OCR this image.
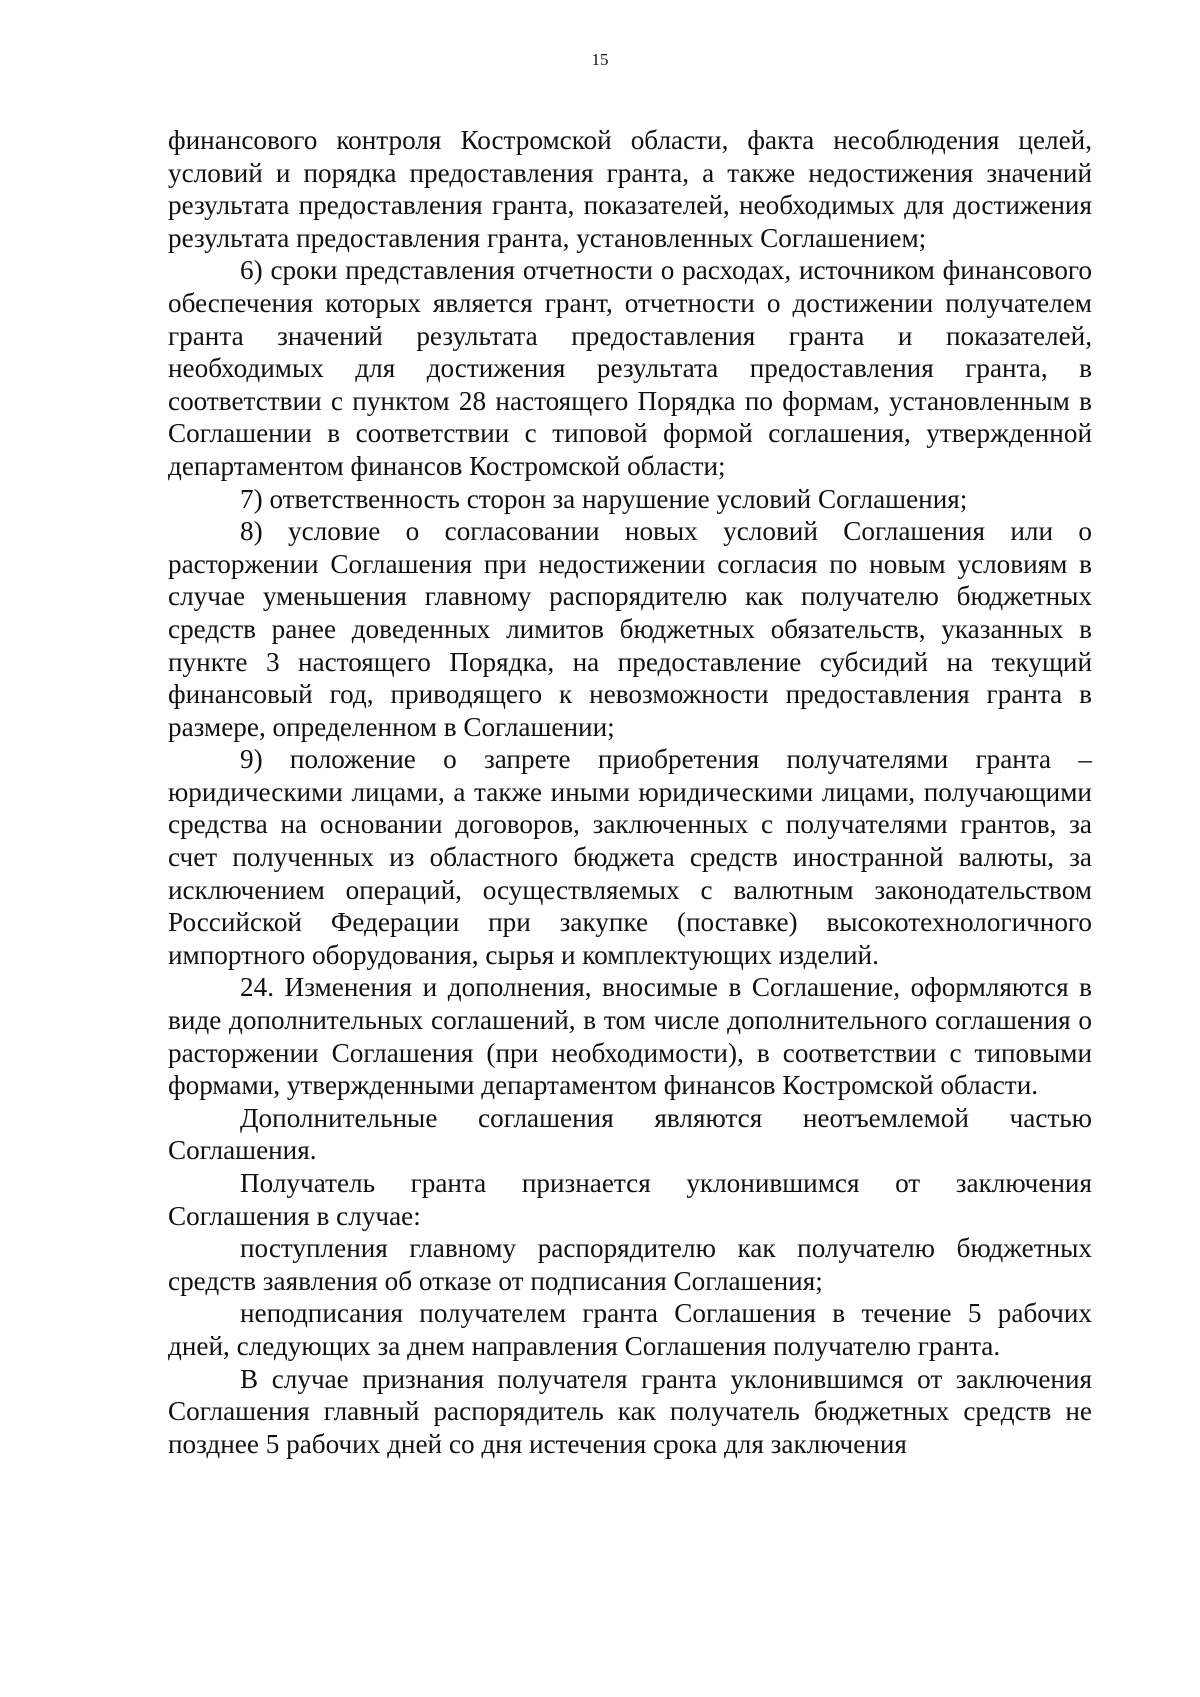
15

финансового контроля Костромской области, факта несоблюдения целей, условий и порядка предоставления гранта, а также недостижения значений результата предоставления гранта, показателей, необходимых для достижения результата предоставления гранта, установленных Соглашением;

6) сроки представления отчетности о расходах, источником финансового обеспечения которых является грант, отчетности о достижении получателем гранта значений результата предоставления гранта и показателей, необходимых для достижения результата предоставления гранта, в соответствии с пунктом 28 настоящего Порядка по формам, установленным в Соглашении в соответствии с типовой формой соглашения, утвержденной департаментом финансов Костромской области;

7) ответственность сторон за нарушение условий Соглашения;

8) условие о согласовании новых условий Соглашения или о расторжении Соглашения при недостижении согласия по новым условиям в случае уменьшения главному распорядителю как получателю бюджетных средств ранее доведенных лимитов бюджетных обязательств, указанных в пункте 3 настоящего Порядка, на предоставление субсидий на текущий финансовый год, приводящего к невозможности предоставления гранта в размере, определенном в Соглашении;

9) положение о запрете приобретения получателями гранта – юридическими лицами, а также иными юридическими лицами, получающими средства на основании договоров, заключенных с получателями грантов, за счет полученных из областного бюджета средств иностранной валюты, за исключением операций, осуществляемых с валютным законодательством Российской Федерации при закупке (поставке) высокотехнологичного импортного оборудования, сырья и комплектующих изделий.

24. Изменения и дополнения, вносимые в Соглашение, оформляются в виде дополнительных соглашений, в том числе дополнительного соглашения о расторжении Соглашения (при необходимости), в соответствии с типовыми формами, утвержденными департаментом финансов Костромской области.

Дополнительные соглашения являются неотъемлемой частью Соглашения.

Получатель гранта признается уклонившимся от заключения Соглашения в случае:

поступления главному распорядителю как получателю бюджетных средств заявления об отказе от подписания Соглашения;

неподписания получателем гранта Соглашения в течение 5 рабочих дней, следующих за днем направления Соглашения получателю гранта.

В случае признания получателя гранта уклонившимся от заключения Соглашения главный распорядитель как получатель бюджетных средств не позднее 5 рабочих дней со дня истечения срока для заключения
